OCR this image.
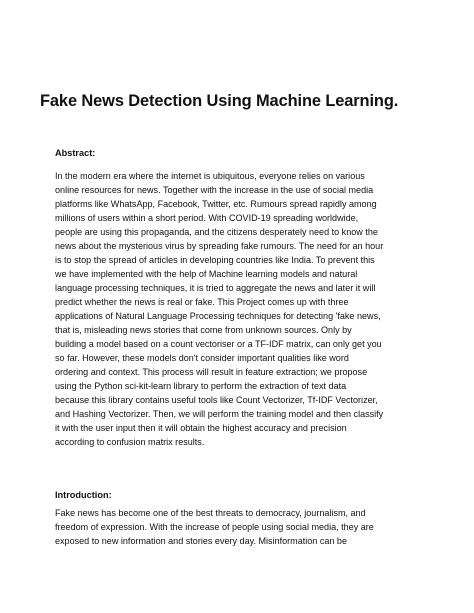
Fake News Detection Using Machine Learning.
Abstract:
In the modern era where the internet is ubiquitous, everyone relies on various
online resources for news. Together with the increase in the use of social media
platforms like WhatsApp, Facebook, Twitter, etc. Rumours spread rapidly among
millions of users within a short period. With COVID-19 spreading worldwide,
people are using this propaganda, and the citizens desperately need to know the
news about the mysterious virus by spreading fake rumours. The need for an hour
is to stop the spread of articles in developing countries like India. To prevent this
we have implemented with the help of Machine learning models and natural
language processing techniques, it is tried to aggregate the news and later it will
predict whether the news is real or fake. This Project comes up with three
applications of Natural Language Processing techniques for detecting 'fake news,
that is, misleading news stories that come from unknown sources. Only by
building a model based on a count vectoriser or a TF-IDF matrix, can only get you
so far. However, these models don't consider important qualities like word
ordering and context. This process will result in feature extraction; we propose
using the Python sci-kit-learn library to perform the extraction of text data
because this library contains useful tools like Count Vectorizer, Tf-IDF Vectorizer,
and Hashing Vectorizer. Then, we will perform the training model and then classify
it with the user input then it will obtain the highest accuracy and precision
according to confusion matrix results.
Introduction:
Fake news has become one of the best threats to democracy, journalism, and
freedom of expression. With the increase of people using social media, they are
exposed to new information and stories every day. Misinformation can be
